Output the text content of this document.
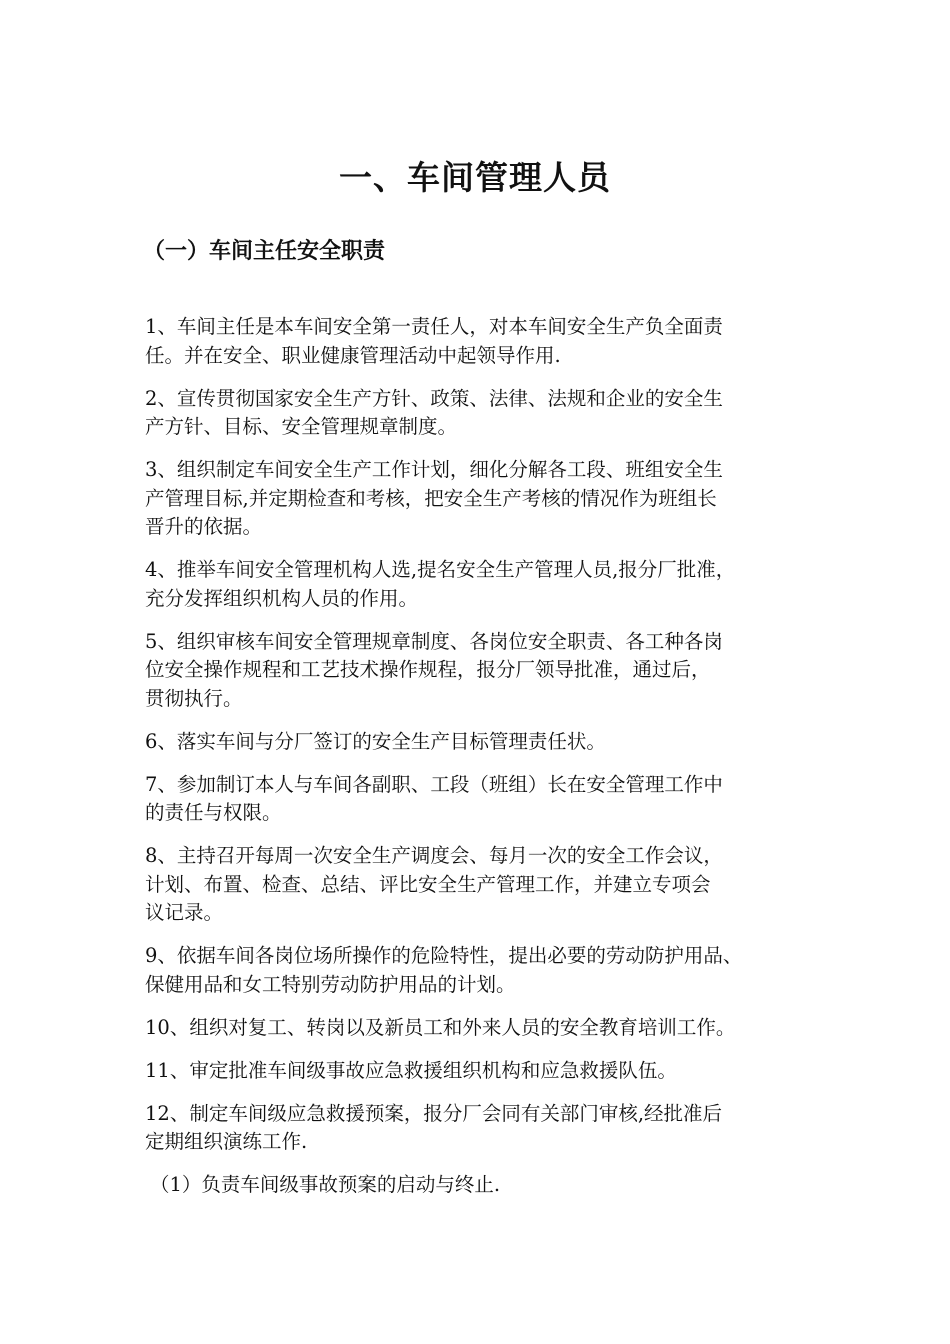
一、车间管理人员
（一）车间主任安全职责
1、车间主任是本车间安全第一责任人，对本车间安全生产负全面责
任。并在安全、职业健康管理活动中起领导作用.
2、宣传贯彻国家安全生产方针、政策、法律、法规和企业的安全生
产方针、目标、安全管理规章制度。
3、组织制定车间安全生产工作计划，细化分解各工段、班组安全生
产管理目标,并定期检查和考核，把安全生产考核的情况作为班组长
晋升的依据。
4、推举车间安全管理机构人选,提名安全生产管理人员,报分厂批准，
充分发挥组织机构人员的作用。
5、组织审核车间安全管理规章制度、各岗位安全职责、各工种各岗
位安全操作规程和工艺技术操作规程，报分厂领导批准，通过后，
贯彻执行。
6、落实车间与分厂签订的安全生产目标管理责任状。
7、参加制订本人与车间各副职、工段（班组）长在安全管理工作中
的责任与权限。
8、主持召开每周一次安全生产调度会、每月一次的安全工作会议，
计划、布置、检查、总结、评比安全生产管理工作，并建立专项会
议记录。
9、依据车间各岗位场所操作的危险特性，提出必要的劳动防护用品、
保健用品和女工特别劳动防护用品的计划。
10、组织对复工、转岗以及新员工和外来人员的安全教育培训工作。
11、审定批准车间级事故应急救援组织机构和应急救援队伍。
12、制定车间级应急救援预案，报分厂会同有关部门审核,经批准后
定期组织演练工作.
（1）负责车间级事故预案的启动与终止.
